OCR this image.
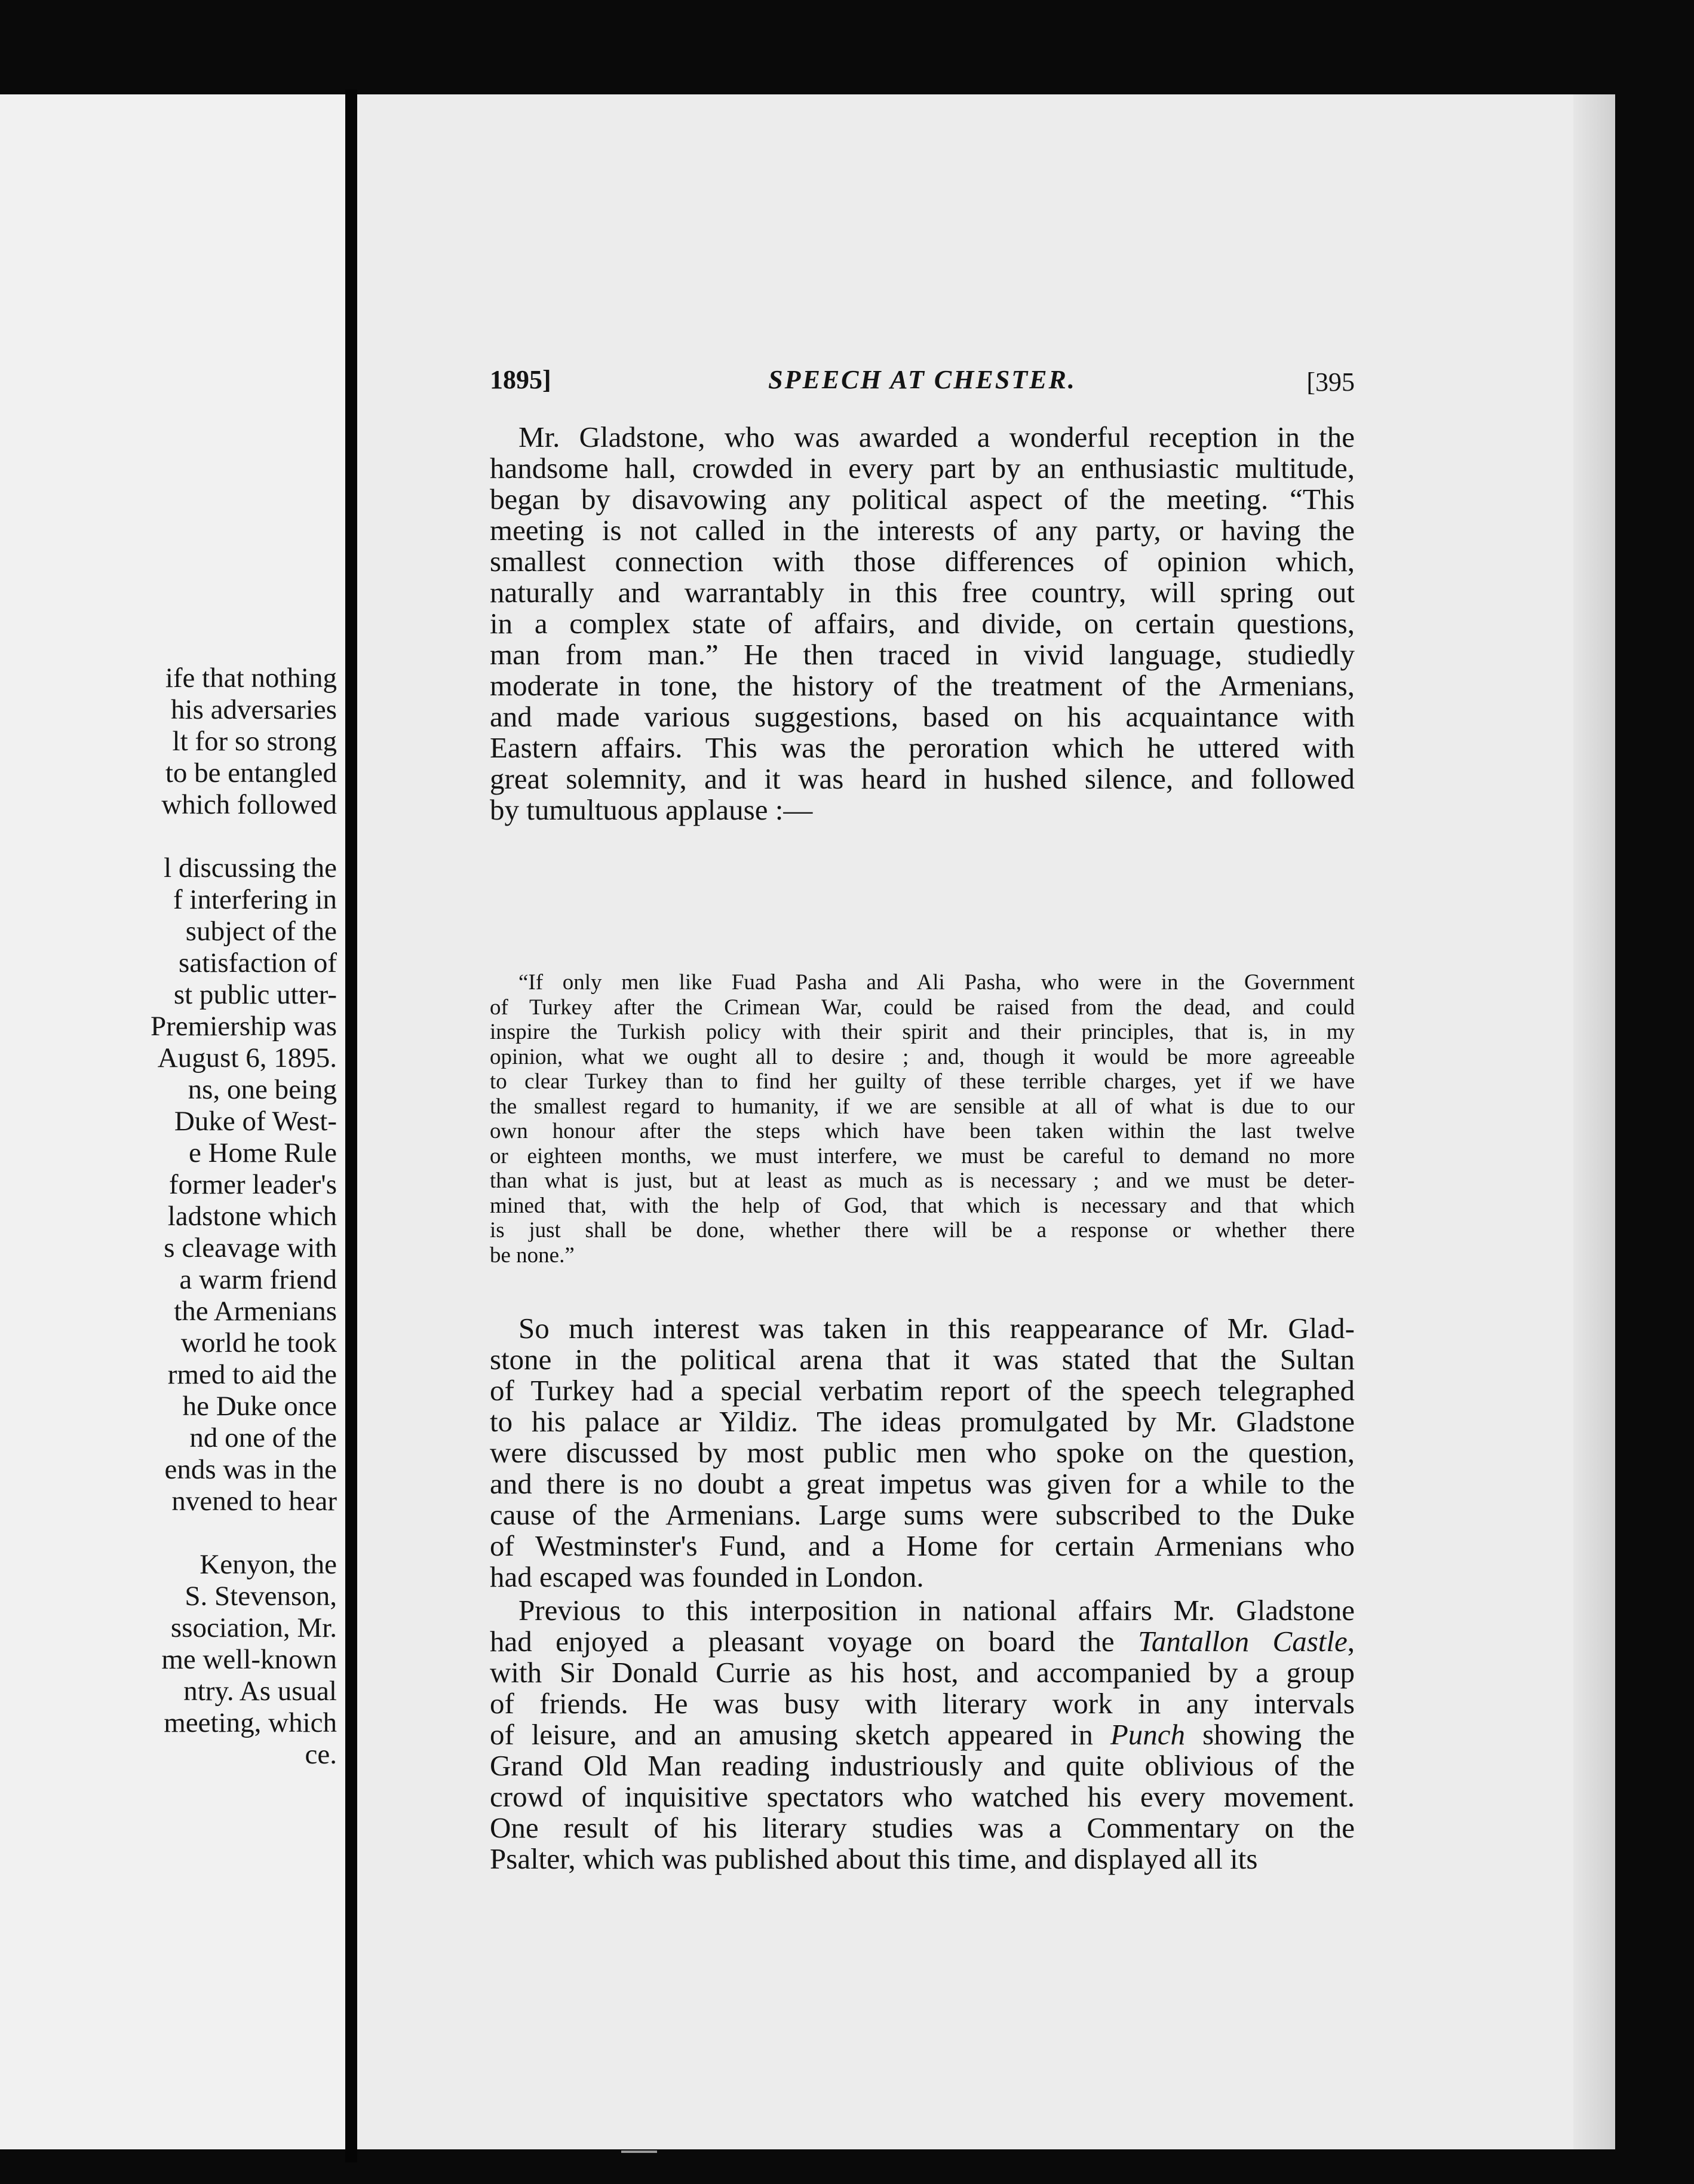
ife that nothing
his adversaries
lt for so strong
to be entangled
which followed
l discussing the
f interfering in
subject of the
satisfaction of
st public utter-
Premiership was
August 6, 1895.
ns, one being
Duke of West-
e Home Rule
former leader's
ladstone which
s cleavage with
a warm friend
the Armenians
world he took
rmed to aid the
he Duke once
nd one of the
ends was in the
nvened to hear
Kenyon, the
S. Stevenson,
ssociation, Mr.
me well-known
ntry. As usual
meeting, which
ce.
1895]	SPEECH AT CHESTER.	[395
Mr. Gladstone, who was awarded a wonderful reception in the
handsome hall, crowded in every part by an enthusiastic multitude,
began by disavowing any political aspect of the meeting. “This
meeting is not called in the interests of any party, or having the
smallest connection with those differences of opinion which,
naturally and warrantably in this free country, will spring out
in a complex state of affairs, and divide, on certain questions,
man from man.” He then traced in vivid language, studiedly
moderate in tone, the history of the treatment of the Armenians,
and made various suggestions, based on his acquaintance with
Eastern affairs. This was the peroration which he uttered with
great solemnity, and it was heard in hushed silence, and followed
by tumultuous applause :—
“If only men like Fuad Pasha and Ali Pasha, who were in the Government
of Turkey after the Crimean War, could be raised from the dead, and could
inspire the Turkish policy with their spirit and their principles, that is, in my
opinion, what we ought all to desire ; and, though it would be more agreeable
to clear Turkey than to find her guilty of these terrible charges, yet if we have
the smallest regard to humanity, if we are sensible at all of what is due to our
own honour after the steps which have been taken within the last twelve
or eighteen months, we must interfere, we must be careful to demand no more
than what is just, but at least as much as is necessary ; and we must be deter-
mined that, with the help of God, that which is necessary and that which
is just shall be done, whether there will be a response or whether there
be none.”
So much interest was taken in this reappearance of Mr. Glad-
stone in the political arena that it was stated that the Sultan
of Turkey had a special verbatim report of the speech telegraphed
to his palace ar Yildiz. The ideas promulgated by Mr. Gladstone
were discussed by most public men who spoke on the question,
and there is no doubt a great impetus was given for a while to the
cause of the Armenians. Large sums were subscribed to the Duke
of Westminster's Fund, and a Home for certain Armenians who
had escaped was founded in London.
Previous to this interposition in national affairs Mr. Gladstone
had enjoyed a pleasant voyage on board the Tantallon Castle,
with Sir Donald Currie as his host, and accompanied by a group
of friends. He was busy with literary work in any intervals
of leisure, and an amusing sketch appeared in Punch showing the
Grand Old Man reading industriously and quite oblivious of the
crowd of inquisitive spectators who watched his every movement.
One result of his literary studies was a Commentary on the
Psalter, which was published about this time, and displayed all its
